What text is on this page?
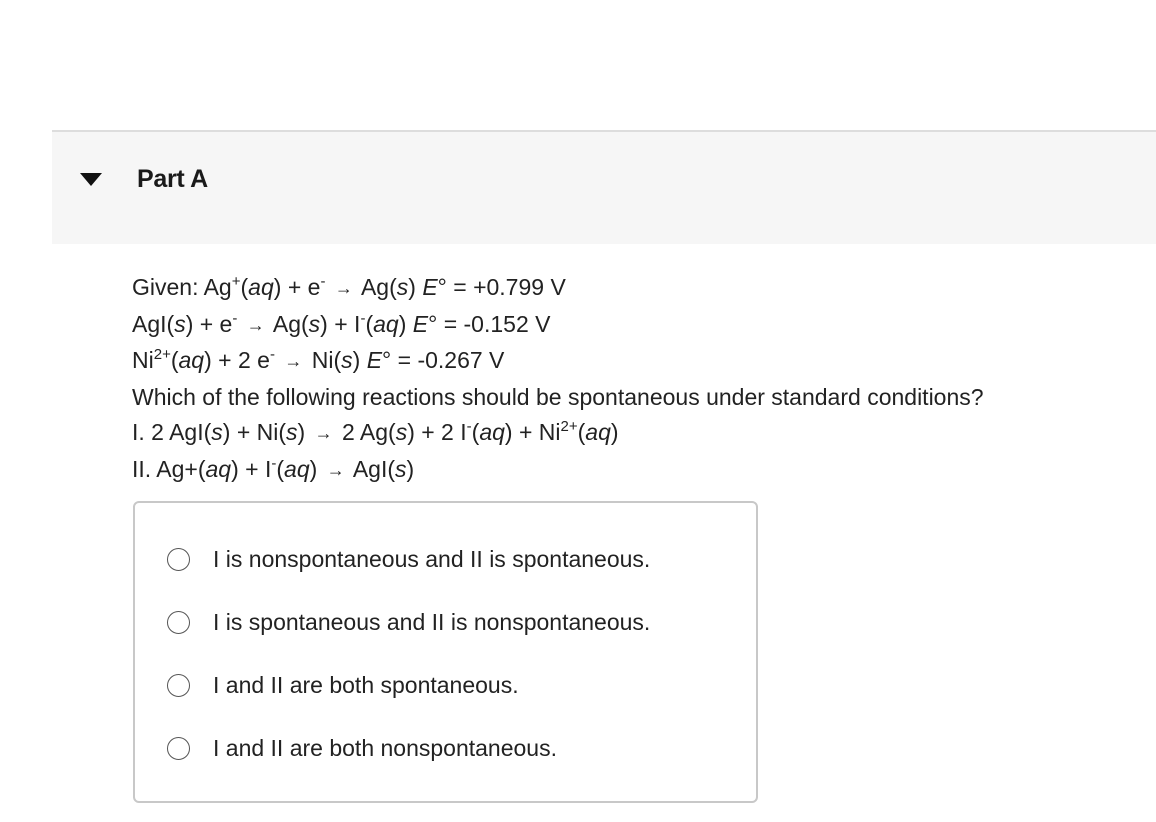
Part A
Given: Ag+(aq) + e- → Ag(s) E° = +0.799 V
AgI(s) + e- → Ag(s) + I-(aq) E° = -0.152 V
$Ni^{2+}(aq) + 2$ e- → Ni(s) E° = -0.267 V
Which of the following reactions should be spontaneous under standard conditions?
I. 2 AgI(s) + Ni(s) → 2 Ag(s) + 2 $I^-(aq) + Ni^{2+}(aq)$
II. Ag+(aq) + I-(aq) → AgI(s)
I is nonspontaneous and II is spontaneous.
I is spontaneous and II is nonspontaneous.
I and II are both spontaneous.
I and II are both nonspontaneous.
